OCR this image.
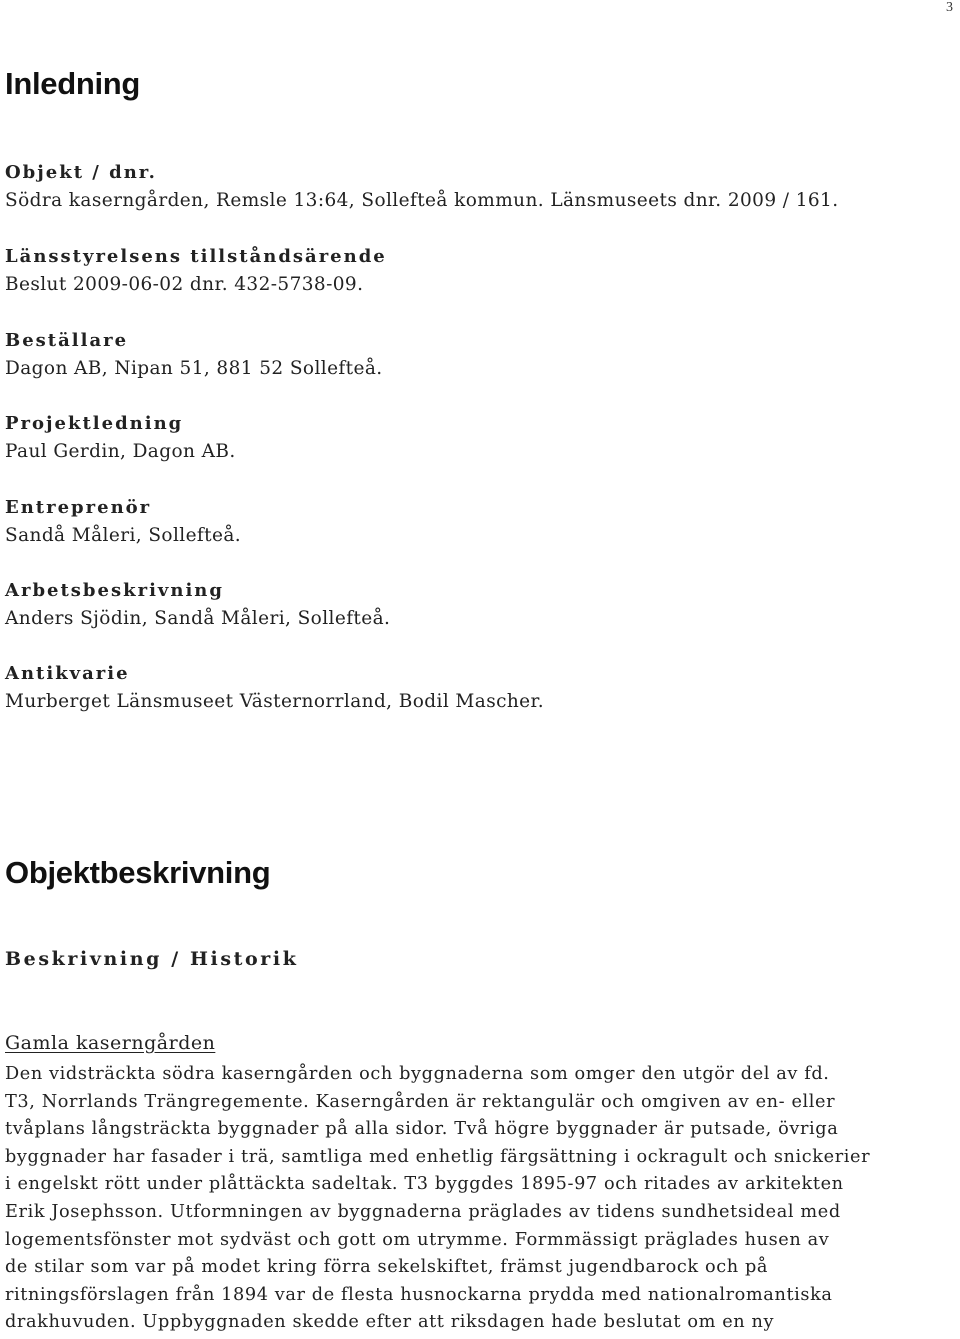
3
Inledning
Objekt / dnr.
Södra kaserngården, Remsle 13:64, Sollefteå kommun. Länsmuseets dnr. 2009 / 161.
Länsstyrelsens tillståndsärende
Beslut 2009-06-02 dnr. 432-5738-09.
Beställare
Dagon AB, Nipan 51, 881 52 Sollefteå.
Projektledning
Paul Gerdin, Dagon AB.
Entreprenör
Sandå Måleri, Sollefteå.
Arbetsbeskrivning
Anders Sjödin, Sandå Måleri, Sollefteå.
Antikvarie
Murberget Länsmuseet Västernorrland, Bodil Mascher.
Objektbeskrivning
Beskrivning / Historik
Gamla kaserngården
Den vidsträckta södra kaserngården och byggnaderna som omger den utgör del av fd.
T3, Norrlands Trängregemente. Kaserngården är rektangulär och omgiven av en- eller
tvåplans långsträckta byggnader på alla sidor. Två högre byggnader är putsade, övriga
byggnader har fasader i trä, samtliga med enhetlig färgsättning i ockragult och snickerier
i engelskt rött under plåttäckta sadeltak. T3 byggdes 1895-97 och ritades av arkitekten
Erik Josephsson. Utformningen av byggnaderna präglades av tidens sundhetsideal med
logementsfönster mot sydväst och gott om utrymme. Formmässigt präglades husen av
de stilar som var på modet kring förra sekelskiftet, främst jugendbarock och på
ritningsförslagen från 1894 var de flesta husnockarna prydda med nationalromantiska
drakhuvuden. Uppbyggnaden skedde efter att riksdagen hade beslutat om en ny
